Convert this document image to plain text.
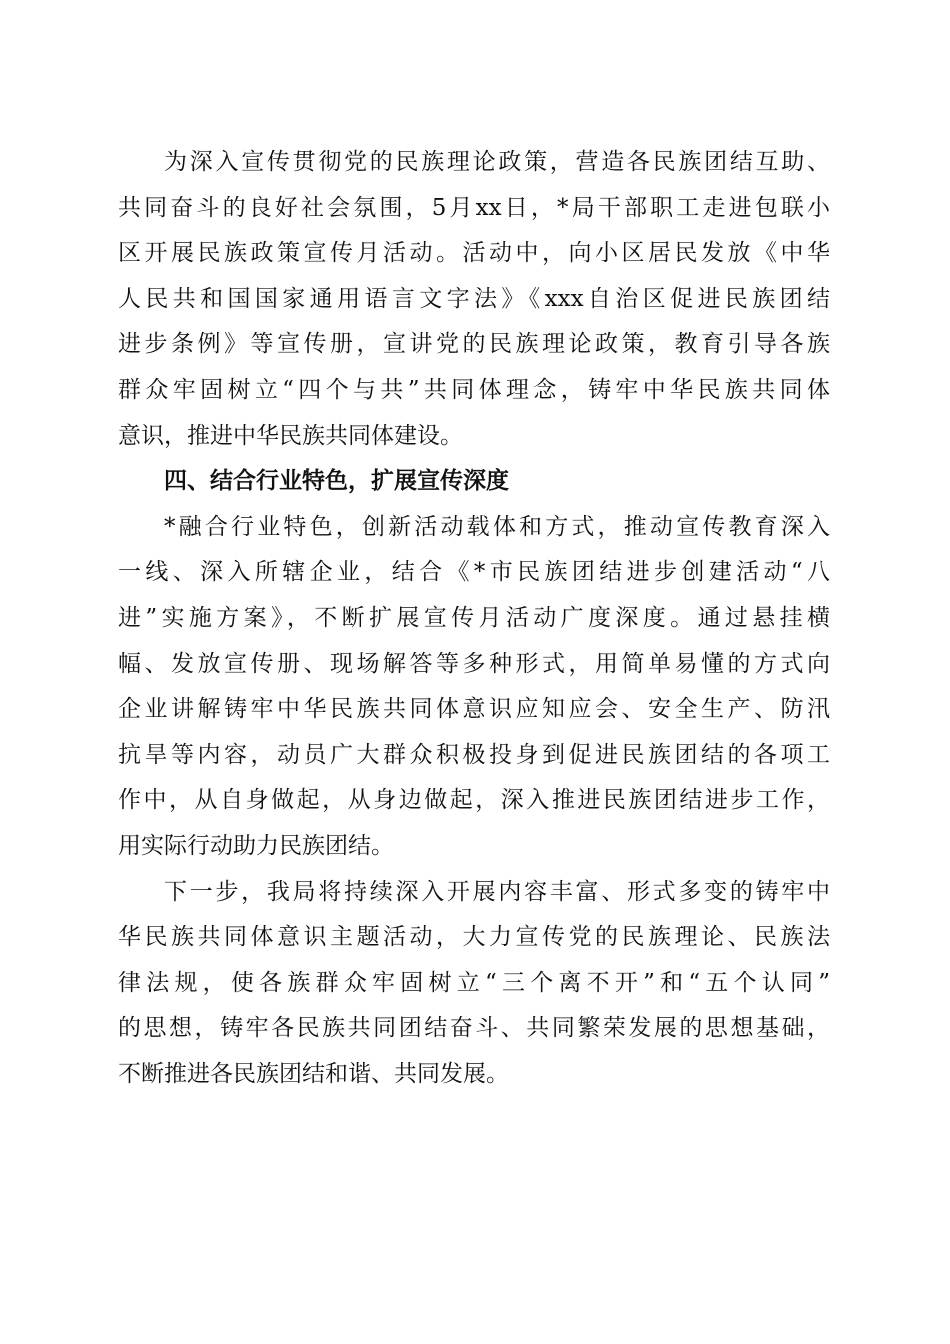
为深入宣传贯彻党的民族理论政策，营造各民族团结互助、
共同奋斗的良好社会氛围，5月xx日，*局干部职工走进包联小
区开展民族政策宣传月活动。活动中，向小区居民发放《中华
人民共和国国家通用语言文字法》《xxx自治区促进民族团结
进步条例》等宣传册，宣讲党的民族理论政策，教育引导各族
群众牢固树立“四个与共”共同体理念，铸牢中华民族共同体
意识，推进中华民族共同体建设。
四、结合行业特色，扩展宣传深度
*融合行业特色，创新活动载体和方式，推动宣传教育深入
一线、深入所辖企业，结合《*市民族团结进步创建活动“八
进”实施方案》，不断扩展宣传月活动广度深度。通过悬挂横
幅、发放宣传册、现场解答等多种形式，用简单易懂的方式向
企业讲解铸牢中华民族共同体意识应知应会、安全生产、防汛
抗旱等内容，动员广大群众积极投身到促进民族团结的各项工
作中，从自身做起，从身边做起，深入推进民族团结进步工作，
用实际行动助力民族团结。
下一步，我局将持续深入开展内容丰富、形式多变的铸牢中
华民族共同体意识主题活动，大力宣传党的民族理论、民族法
律法规，使各族群众牢固树立“三个离不开”和“五个认同”
的思想，铸牢各民族共同团结奋斗、共同繁荣发展的思想基础，
不断推进各民族团结和谐、共同发展。
